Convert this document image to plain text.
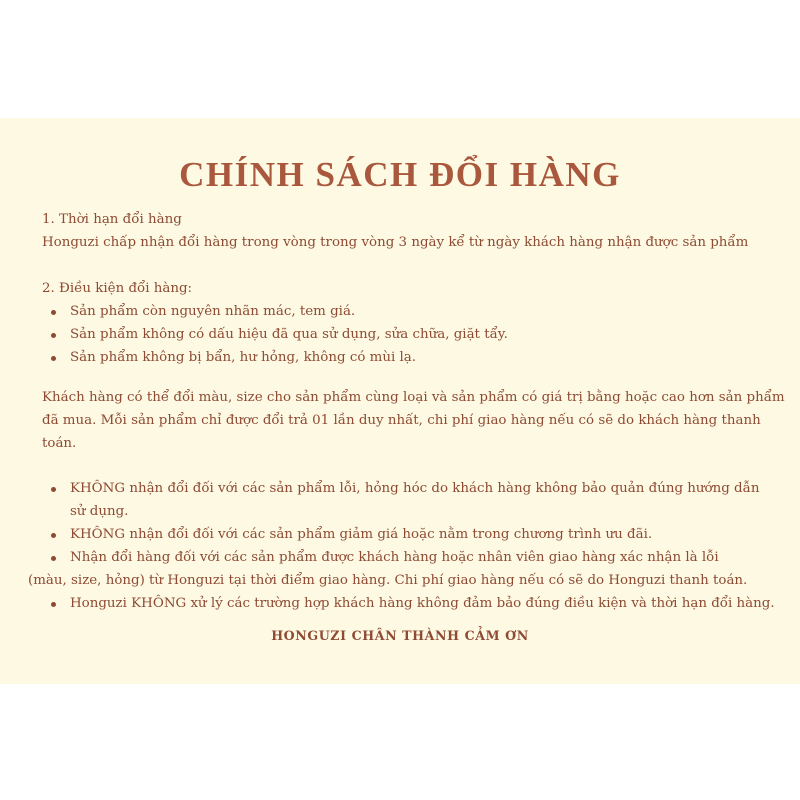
CHÍNH SÁCH ĐỔI HÀNG
1. Thời hạn đổi hàng
Honguzi chấp nhận đổi hàng trong vòng trong vòng 3 ngày kể từ ngày khách hàng nhận được sản phẩm
2. Điều kiện đổi hàng:
Sản phẩm còn nguyên nhãn mác, tem giá.
Sản phẩm không có dấu hiệu đã qua sử dụng, sửa chữa, giặt tẩy.
Sản phẩm không bị bẩn, hư hỏng, không có mùi lạ.
Khách hàng có thể đổi màu, size cho sản phẩm cùng loại và sản phẩm có giá trị bằng hoặc cao hơn sản phẩm
đã mua. Mỗi sản phẩm chỉ được đổi trả 01 lần duy nhất, chi phí giao hàng nếu có sẽ do khách hàng thanh
toán.
KHÔNG nhận đổi đối với các sản phẩm lỗi, hỏng hóc do khách hàng không bảo quản đúng hướng dẫn
sử dụng.
KHÔNG nhận đổi đối với các sản phẩm giảm giá hoặc nằm trong chương trình ưu đãi.
Nhận đổi hàng đối với các sản phẩm được khách hàng hoặc nhân viên giao hàng xác nhận là lỗi
(màu, size, hỏng) từ Honguzi tại thời điểm giao hàng. Chi phí giao hàng nếu có sẽ do Honguzi thanh toán.
Honguzi KHÔNG xử lý các trường hợp khách hàng không đảm bảo đúng điều kiện và thời hạn đổi hàng.
HONGUZI CHÂN THÀNH CẢM ƠN
